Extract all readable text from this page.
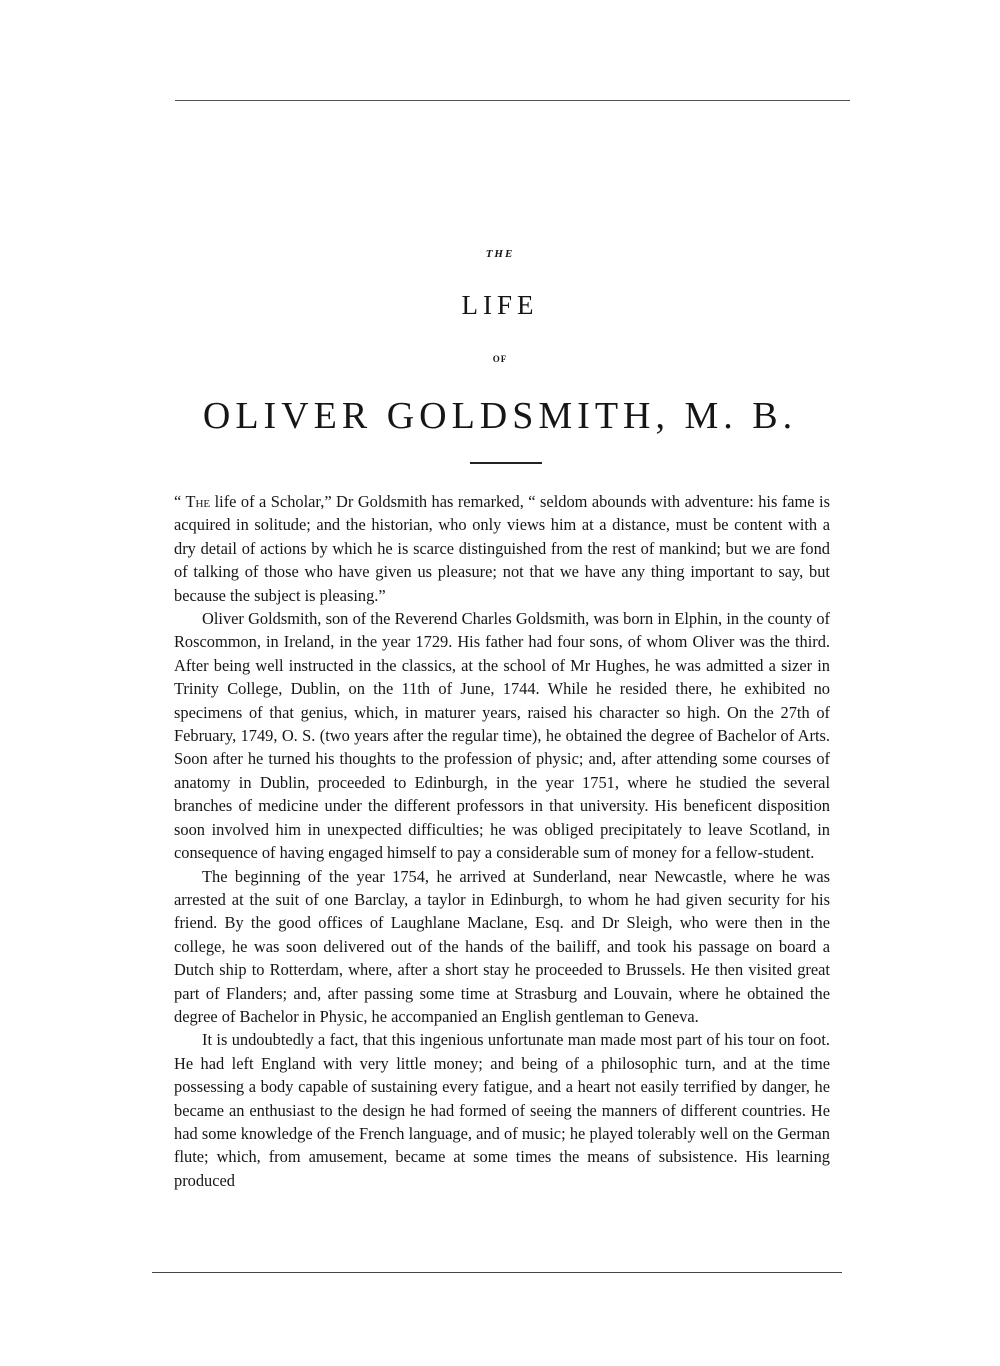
THE
LIFE
OF
OLIVER GOLDSMITH, M. B.

“ The life of a Scholar,” Dr Goldsmith has remarked, “ seldom abounds with adventure: his fame is acquired in solitude; and the historian, who only views him at a distance, must be content with a dry detail of actions by which he is scarce distinguished from the rest of mankind; but we are fond of talking of those who have given us pleasure; not that we have any thing important to say, but because the subject is pleasing.”

Oliver Goldsmith, son of the Reverend Charles Goldsmith, was born in Elphin, in the county of Roscommon, in Ireland, in the year 1729. His father had four sons, of whom Oliver was the third. After being well instructed in the classics, at the school of Mr Hughes, he was admitted a sizer in Trinity College, Dublin, on the 11th of June, 1744. While he resided there, he exhibited no specimens of that genius, which, in maturer years, raised his character so high. On the 27th of February, 1749, O. S. (two years after the regular time), he obtained the degree of Bachelor of Arts. Soon after he turned his thoughts to the profession of physic; and, after attending some courses of anatomy in Dublin, proceeded to Edinburgh, in the year 1751, where he studied the several branches of medicine under the different professors in that university. His beneficent disposition soon involved him in unexpected difficulties; he was obliged precipitately to leave Scotland, in consequence of having engaged himself to pay a considerable sum of money for a fellow-student.

The beginning of the year 1754, he arrived at Sunderland, near Newcastle, where he was arrested at the suit of one Barclay, a taylor in Edinburgh, to whom he had given security for his friend. By the good offices of Laughlane Maclane, Esq. and Dr Sleigh, who were then in the college, he was soon delivered out of the hands of the bailiff, and took his passage on board a Dutch ship to Rotterdam, where, after a short stay he proceeded to Brussels. He then visited great part of Flanders; and, after passing some time at Strasburg and Louvain, where he obtained the degree of Bachelor in Physic, he accompanied an English gentleman to Geneva.

It is undoubtedly a fact, that this ingenious unfortunate man made most part of his tour on foot. He had left England with very little money; and being of a philosophic turn, and at the time possessing a body capable of sustaining every fatigue, and a heart not easily terrified by danger, he became an enthusiast to the design he had formed of seeing the manners of different countries. He had some knowledge of the French language, and of music; he played tolerably well on the German flute; which, from amusement, became at some times the means of subsistence. His learning produced
